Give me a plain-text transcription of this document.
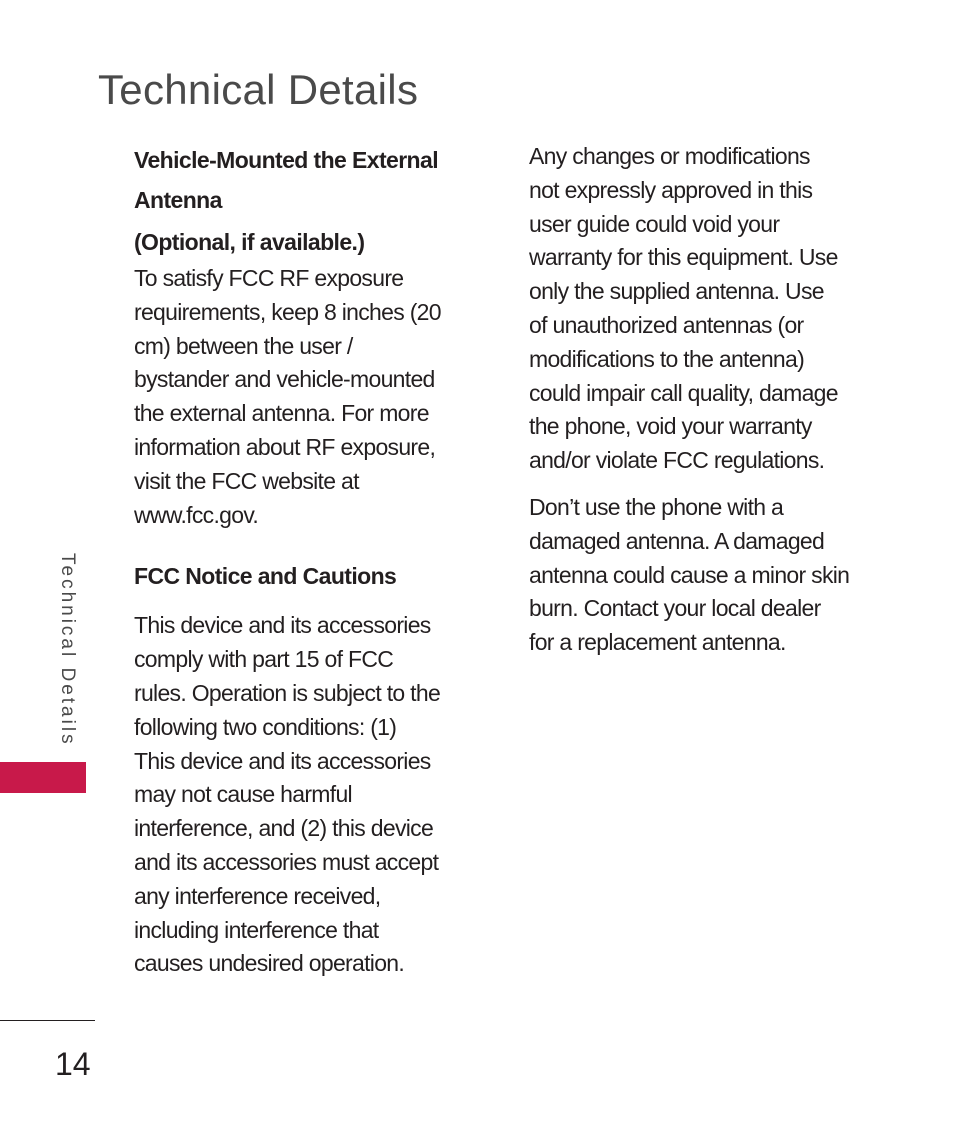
Technical Details

Vehicle-Mounted the External

Antenna

(Optional, if available.)

To satisfy FCC RF exposure
requirements, keep 8 inches (20
cm) between the user /
bystander and vehicle-mounted
the external antenna. For more
information about RF exposure,
visit the FCC website at
www.fcc.gov.

FCC Notice and Cautions

This device and its accessories
comply with part 15 of FCC
rules. Operation is subject to the
following two conditions: (1)
This device and its accessories
may not cause harmful
interference, and (2) this device
and its accessories must accept
any interference received,
including interference that
causes undesired operation.

Any changes or modifications
not expressly approved in this
user guide could void your
warranty for this equipment. Use
only the supplied antenna. Use
of unauthorized antennas (or
modifications to the antenna)
could impair call quality, damage
the phone, void your warranty
and/or violate FCC regulations.

Don’t use the phone with a
damaged antenna. A damaged
antenna could cause a minor skin
burn. Contact your local dealer
for a replacement antenna.

Technical Details
14
